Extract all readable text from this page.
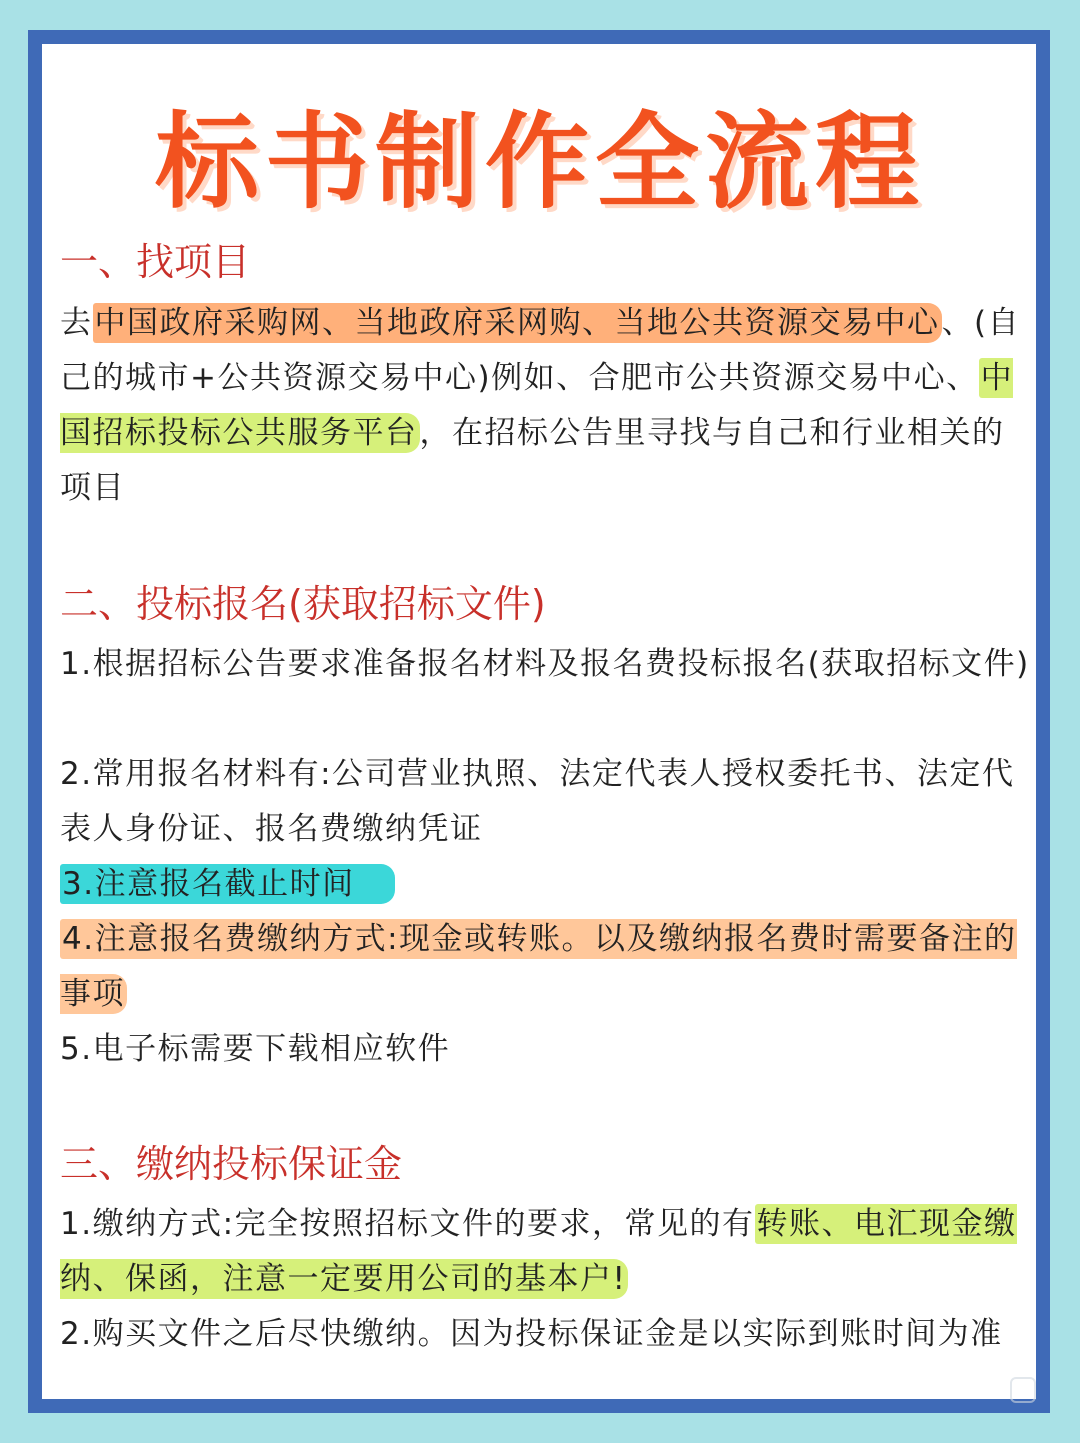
标书制作全流程
一、找项目
去中国政府采购网、当地政府采网购、当地公共资源交易中心、(自己的城市+公共资源交易中心)例如、合肥市公共资源交易中心、中国招标投标公共服务平台，在招标公告里寻找与自己和行业相关的项目
二、投标报名(获取招标文件)
1.根据招标公告要求准备报名材料及报名费投标报名(获取招标文件)
2.常用报名材料有:公司营业执照、法定代表人授权委托书、法定代表人身份证、报名费缴纳凭证
3.注意报名截止时间
4.注意报名费缴纳方式:现金或转账。以及缴纳报名费时需要备注的事项
5.电子标需要下载相应软件
三、缴纳投标保证金
1.缴纳方式:完全按照招标文件的要求，常见的有转账、电汇现金缴纳、保函，注意一定要用公司的基本户!
2.购买文件之后尽快缴纳。因为投标保证金是以实际到账时间为准
